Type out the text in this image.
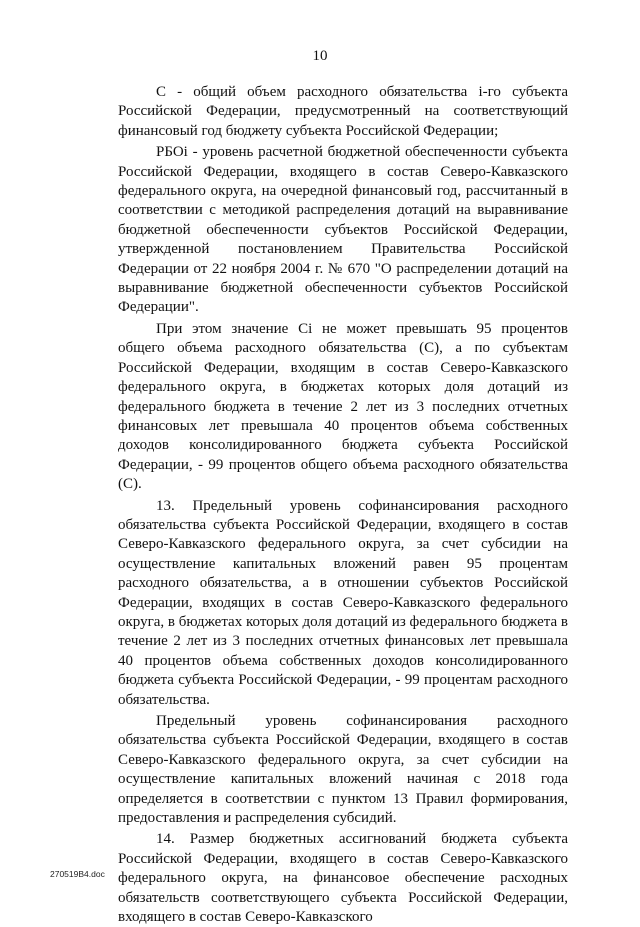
10

С - общий объем расходного обязательства i-го субъекта Российской Федерации, предусмотренный на соответствующий финансовый год бюджету субъекта Российской Федерации;

РБОi - уровень расчетной бюджетной обеспеченности субъекта Российской Федерации, входящего в состав Северо-Кавказского федерального округа, на очередной финансовый год, рассчитанный в соответствии с методикой распределения дотаций на выравнивание бюджетной обеспеченности субъектов Российской Федерации, утвержденной постановлением Правительства Российской Федерации от 22 ноября 2004 г. № 670 "О распределении дотаций на выравнивание бюджетной обеспеченности субъектов Российской Федерации".

При этом значение Ci не может превышать 95 процентов общего объема расходного обязательства (С), а по субъектам Российской Федерации, входящим в состав Северо-Кавказского федерального округа, в бюджетах которых доля дотаций из федерального бюджета в течение 2 лет из 3 последних отчетных финансовых лет превышала 40 процентов объема собственных доходов консолидированного бюджета субъекта Российской Федерации, - 99 процентов общего объема расходного обязательства (С).

13. Предельный уровень софинансирования расходного обязательства субъекта Российской Федерации, входящего в состав Северо-Кавказского федерального округа, за счет субсидии на осуществление капитальных вложений равен 95 процентам расходного обязательства, а в отношении субъектов Российской Федерации, входящих в состав Северо-Кавказского федерального округа, в бюджетах которых доля дотаций из федерального бюджета в течение 2 лет из 3 последних отчетных финансовых лет превышала 40 процентов объема собственных доходов консолидированного бюджета субъекта Российской Федерации, - 99 процентам расходного обязательства.

Предельный уровень софинансирования расходного обязательства субъекта Российской Федерации, входящего в состав Северо-Кавказского федерального округа, за счет субсидии на осуществление капитальных вложений начиная с 2018 года определяется в соответствии с пунктом 13 Правил формирования, предоставления и распределения субсидий.

14. Размер бюджетных ассигнований бюджета субъекта Российской Федерации, входящего в состав Северо-Кавказского федерального округа, на финансовое обеспечение расходных обязательств соответствующего субъекта Российской Федерации, входящего в состав Северо-Кавказского

270519B4.doc
